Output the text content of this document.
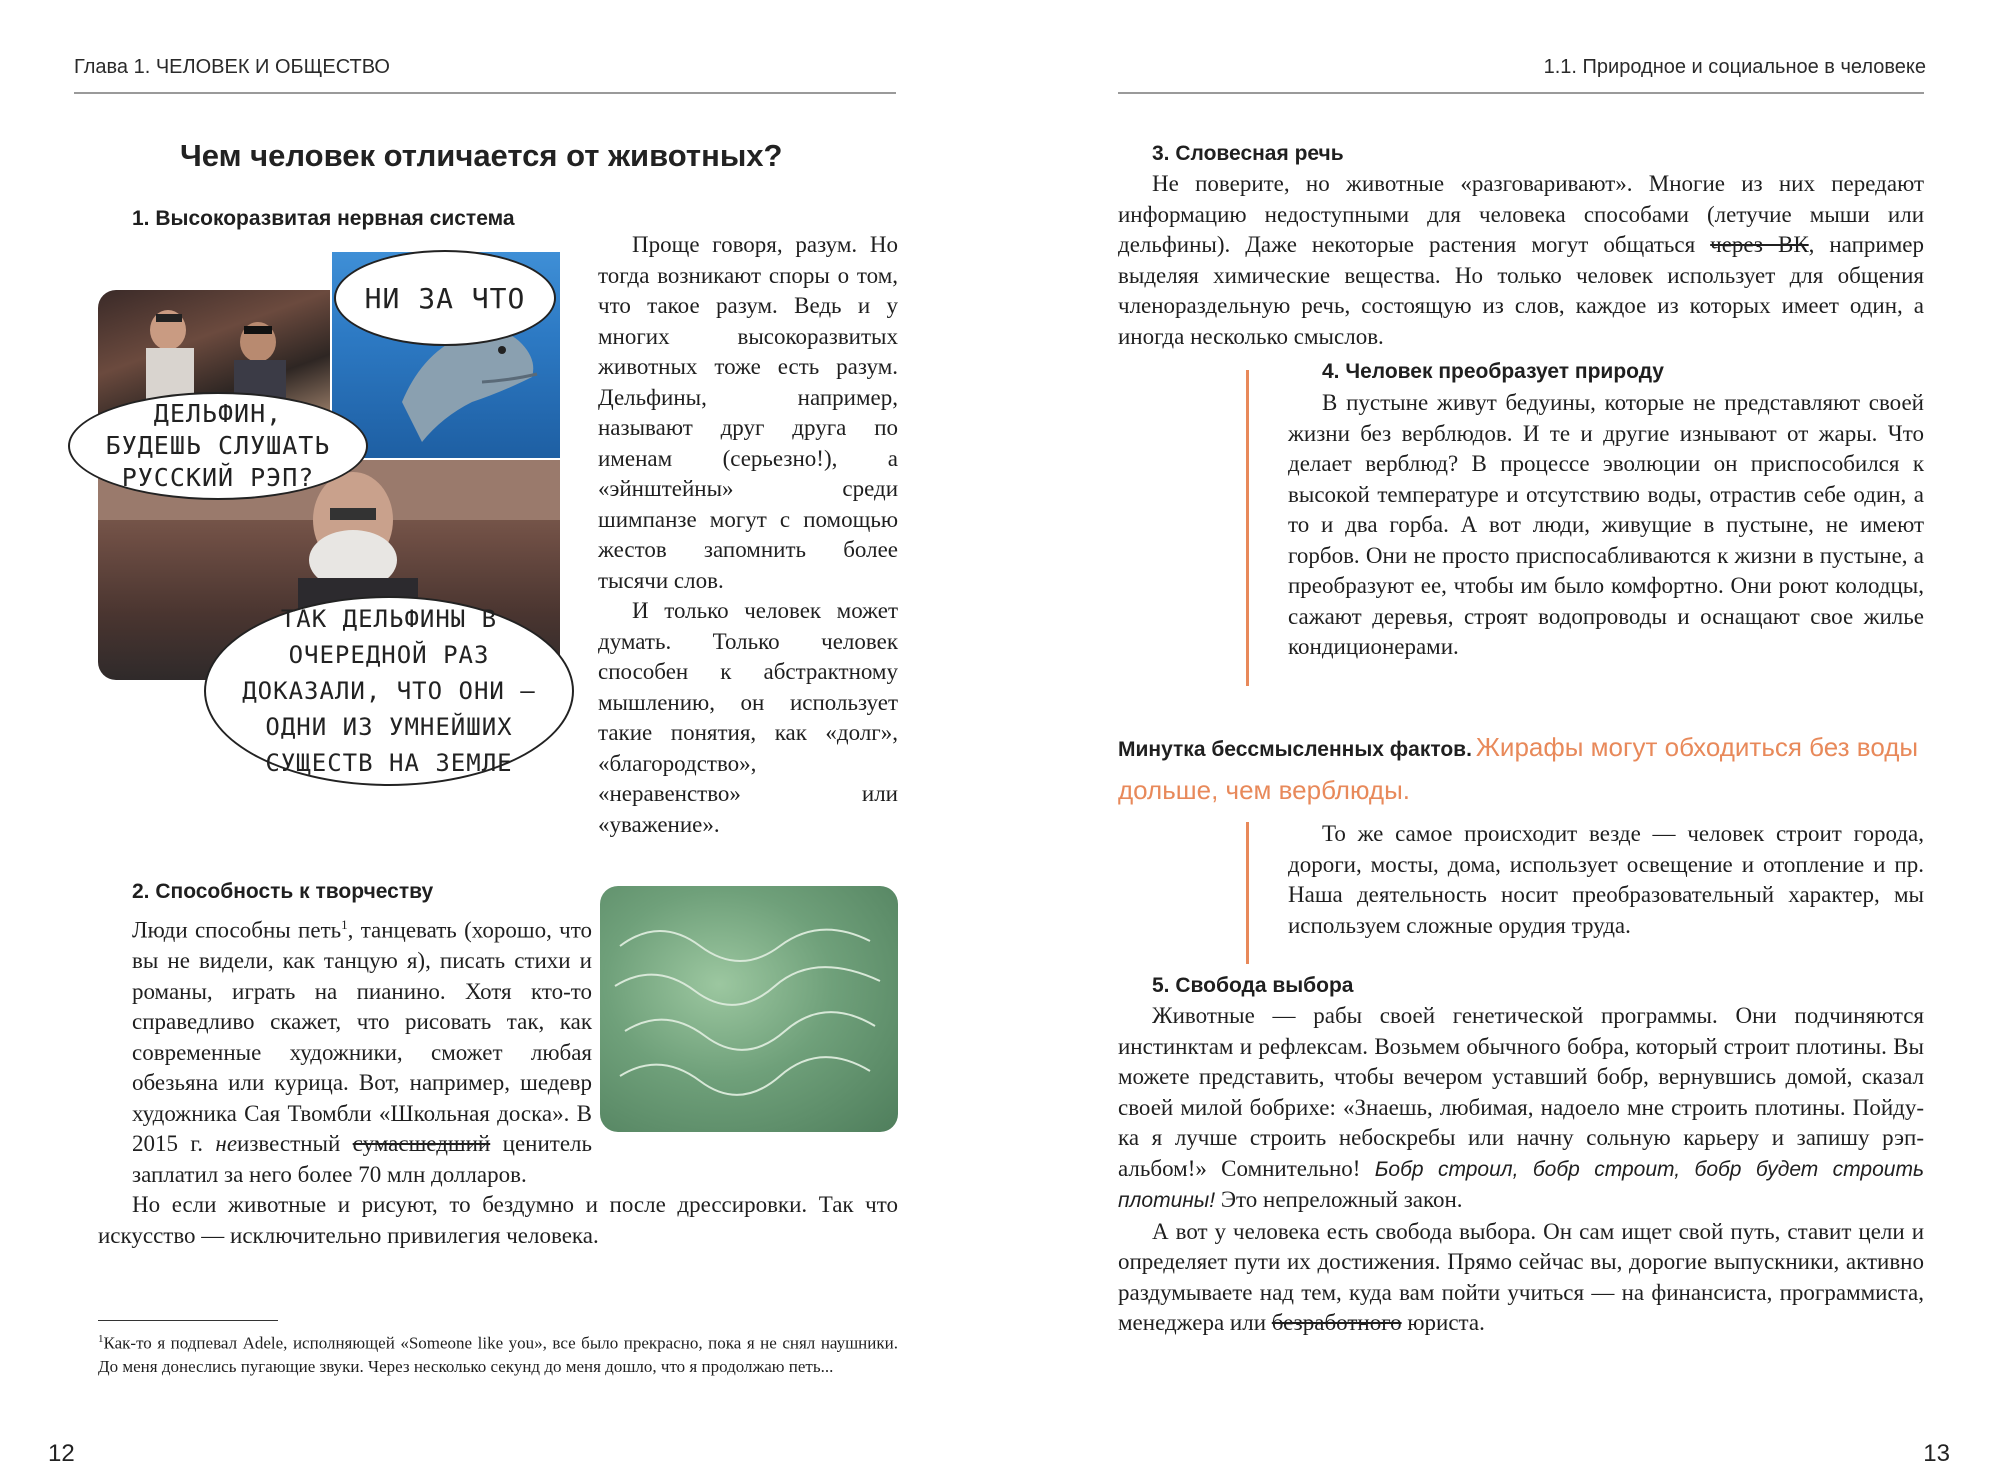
Глава 1. ЧЕЛОВЕК И ОБЩЕСТВО
Чем человек отличается от животных?
1. Высокоразвитая нервная система
НИ ЗА ЧТО
ДЕЛЬФИН, БУДЕШЬ СЛУШАТЬ РУССКИЙ РЭП?
ТАК ДЕЛЬФИНЫ В ОЧЕРЕДНОЙ РАЗ ДОКАЗАЛИ, ЧТО ОНИ – ОДНИ ИЗ УМНЕЙШИХ СУЩЕСТВ НА ЗЕМЛЕ

Проще говоря, разум. Но тогда возникают споры о том, что такое разум. Ведь и у многих высокоразвитых животных тоже есть разум. Дельфины, например, называют друг друга по именам (серьезно!), а «эйнштейны» среди шимпанзе могут с помощью жестов запомнить более тысячи слов.

И только человек может думать. Только человек способен к абстрактному мышлению, он использует такие понятия, как «долг», «благородство», «неравенство» или «уважение».

2. Способность к творчеству

Люди способны петь$^1$, танцевать (хорошо, что вы не видели, как танцую я), писать стихи и романы, играть на пианино. Хотя кто-то справедливо скажет, что рисовать так, как современные художники, сможет любая обезьяна или курица. Вот, например, шедевр художника Сая Твомбли «Школьная доска». В 2015 г. неизвестный сумасшедший ценитель заплатил за него более 70 млн долларов.

Но если животные и рисуют, то бездумно и после дрессировки. Так что искусство — исключительно привилегия человека.

$^1$Как-то я подпевал Adele, исполняющей «Someone like you», все было прекрасно, пока я не снял наушники. До меня донеслись пугающие звуки. Через несколько секунд до меня дошло, что я продолжаю петь...
12
1.1. Природное и социальное в человеке
3. Словесная речь

Не поверите, но животные «разговаривают». Многие из них передают информацию недоступными для человека способами (летучие мыши или дельфины). Даже некоторые растения могут общаться через ВК, например выделяя химические вещества. Но только человек использует для общения членораздельную речь, состоящую из слов, каждое из которых имеет один, а иногда несколько смыслов.

4. Человек преобразует природу

В пустыне живут бедуины, которые не представляют своей жизни без верблюдов. И те и другие изнывают от жары. Что делает верблюд? В процессе эволюции он приспособился к высокой температуре и отсутствию воды, отрастив себе один, а то и два горба. А вот люди, живущие в пустыне, не имеют горбов. Они не просто приспосабливаются к жизни в пустыне, а преобразуют ее, чтобы им было комфортно. Они роют колодцы, сажают деревья, строят водопроводы и оснащают свое жилье кондиционерами.

Минутка бессмысленных фактов. Жирафы могут обходиться без воды дольше, чем верблюды.

То же самое происходит везде — человек строит города, дороги, мосты, дома, использует освещение и отопление и пр. Наша деятельность носит преобразовательный характер, мы используем сложные орудия труда.

5. Свобода выбора

Животные — рабы своей генетической программы. Они подчиняются инстинктам и рефлексам. Возьмем обычного бобра, который строит плотины. Вы можете представить, чтобы вечером уставший бобр, вернувшись домой, сказал своей милой бобрихе: «Знаешь, любимая, надоело мне строить плотины. Пойду-ка я лучше строить небоскребы или начну сольную карьеру и запишу рэп-альбом!» Сомнительно! Бобр строил, бобр строит, бобр будет строить плотины! Это непреложный закон.

А вот у человека есть свобода выбора. Он сам ищет свой путь, ставит цели и определяет пути их достижения. Прямо сейчас вы, дорогие выпускники, активно раздумываете над тем, куда вам пойти учиться — на финансиста, программиста, менеджера или безработного юриста.

13
